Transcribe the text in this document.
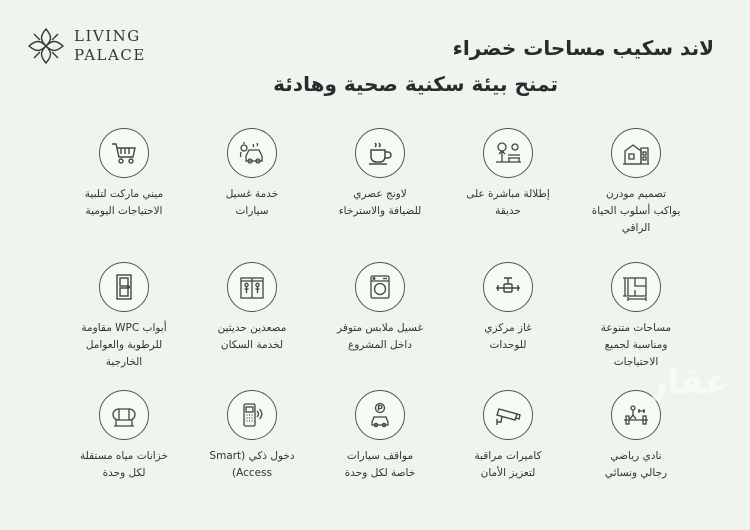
LIVING
PALACE	لاند سكيب مساحات خضراء
تمنح بيئة سكنية صحية وهادئة
تصميم مودرن
يواكب أسلوب الحياة
الراقي
إطلالة مباشرة على
حديقة
لاونج عصري
للضيافة والاسترخاء
خدمة غسيل
سيارات
ميني ماركت لتلبية
الاحتياجات اليومية
مساحات متنوعة
ومناسبة لجميع
الاحتياجات
غاز مركزي
للوحدات
غسيل ملابس متوفر
داخل المشروع
مصعدين حديثين
لخدمة السكان
أبواب WPC مقاومة
للرطوبة والعوامل
الخارجية
نادي رياضي
رجالي ونسائي
كاميرات مراقبة
لتعزيز الأمان
مواقف سيارات
خاصة لكل وحدة
دخول ذكي (Smart
Access)
خزانات مياه مستقلة
لكل وحدة
عقار
